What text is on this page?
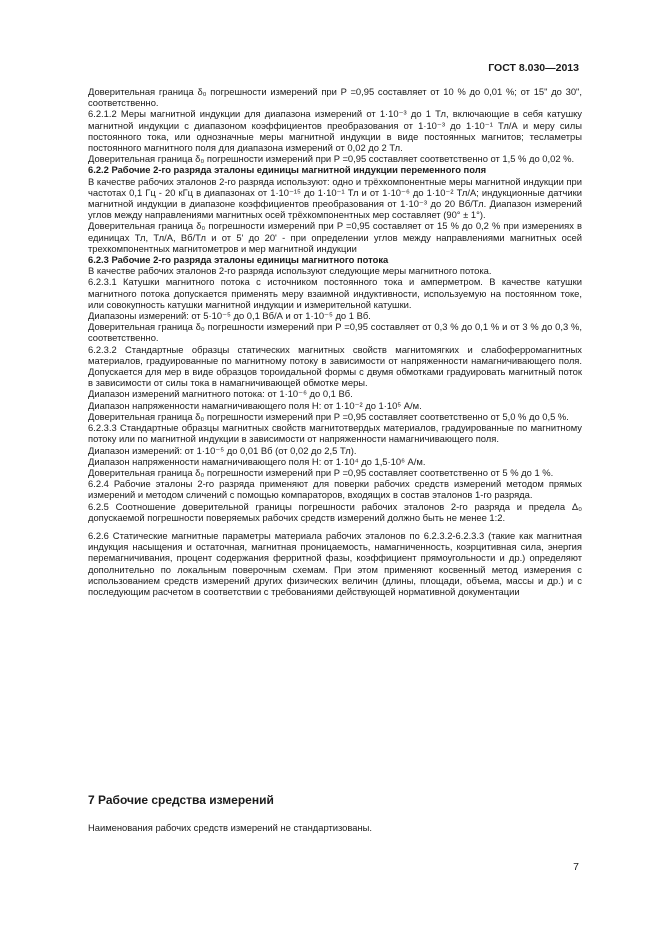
ГОСТ 8.030—2013

Доверительная граница δ₀ погрешности измерений при P =0,95 составляет от 10 % до 0,01 %; от 15" до 30", соответственно.

6.2.1.2 Меры магнитной индукции для диапазона измерений от 1·10⁻³ до 1 Тл, включающие в себя катушку магнитной индукции с диапазоном коэффициентов преобразования от 1·10⁻³ до 1·10⁻¹ Тл/А и меру силы постоянного тока, или однозначные меры магнитной индукции в виде постоянных магнитов; тесламетры постоянного магнитного поля для диапазона измерений от 0,02 до 2 Тл.

Доверительная граница δ₀ погрешности измерений при P =0,95 составляет соответственно от 1,5 % до 0,02 %.

6.2.2 Рабочие 2-го разряда эталоны единицы магнитной индукции переменного поля

В качестве рабочих эталонов 2-го разряда используют: одно и трёхкомпонентные меры магнитной индукции при частотах 0,1 Гц - 20 кГц в диапазонах от 1·10⁻¹⁵ до 1·10⁻¹ Тл и от 1·10⁻⁶ до 1·10⁻² Тл/А; индукционные датчики магнитной индукции в диапазоне коэффициентов преобразования от 1·10⁻³ до 20 Вб/Тл. Диапазон измерений углов между направлениями магнитных осей трёхкомпонентных мер составляет (90° ± 1°).

Доверительная граница δ₀ погрешности измерений при P =0,95 составляет от 15 % до 0,2 % при измерениях в единицах Тл, Тл/А, Вб/Тл и от 5' до 20' - при определении углов между направлениями магнитных осей трехкомпонентных магнитометров и мер магнитной индукции

6.2.3 Рабочие 2-го разряда эталоны единицы магнитного потока

В качестве рабочих эталонов 2-го разряда используют следующие меры магнитного потока.

6.2.3.1 Катушки магнитного потока с источником постоянного тока и амперметром. В качестве катушки магнитного потока допускается применять меру взаимной индуктивности, используемую на постоянном токе, или совокупность катушки магнитной индукции и измерительной катушки.

Диапазоны измерений: от 5·10⁻⁵ до 0,1 Вб/А и от 1·10⁻⁵ до 1 Вб.

Доверительная граница δ₀ погрешности измерений при P =0,95 составляет от 0,3 % до 0,1 % и от 3 % до 0,3 %, соответственно.

6.2.3.2 Стандартные образцы статических магнитных свойств магнитомягких и слабоферромагнитных материалов, градуированные по магнитному потоку в зависимости от напряженности намагничивающего поля. Допускается для мер в виде образцов тороидальной формы с двумя обмотками градуировать магнитный поток в зависимости от силы тока в намагничивающей обмотке меры.

Диапазон измерений магнитного потока: от 1·10⁻⁶ до 0,1 Вб.

Диапазон напряженности намагничивающего поля H: от 1·10⁻² до 1·10⁵ А/м.

Доверительная граница δ₀ погрешности измерений при P =0,95 составляет соответственно от 5,0 % до 0,5 %.

6.2.3.3 Стандартные образцы магнитных свойств магнитотвердых материалов, градуированные по магнитному потоку или по магнитной индукции в зависимости от напряженности намагничивающего поля.

Диапазон измерений: от 1·10⁻⁵ до 0,01 Вб (от 0,02 до 2,5 Тл).

Диапазон напряженности намагничивающего поля H: от 1·10⁴ до 1,5·10⁶ А/м.

Доверительная граница δ₀ погрешности измерений при P =0,95 составляет соответственно от 5 % до 1 %.

6.2.4 Рабочие эталоны 2-го разряда применяют для поверки рабочих средств измерений методом прямых измерений и методом сличений с помощью компараторов, входящих в состав эталонов 1-го разряда.

6.2.5 Соотношение доверительной границы погрешности рабочих эталонов 2-го разряда и предела Δ₀ допускаемой погрешности поверяемых рабочих средств измерений должно быть не менее 1:2.

6.2.6 Статические магнитные параметры материала рабочих эталонов по 6.2.3.2-6.2.3.3 (такие как магнитная индукция насыщения и остаточная, магнитная проницаемость, намагниченность, коэрцитивная сила, энергия перемагничивания, процент содержания ферритной фазы, коэффициент прямоугольности и др.) определяют дополнительно по локальным поверочным схемам. При этом применяют косвенный метод измерения с использованием средств измерений других физических величин (длины, площади, объема, массы и др.) и с последующим расчетом в соответствии с требованиями действующей нормативной документации

7 Рабочие средства измерений
Наименования рабочих средств измерений не стандартизованы.
7
